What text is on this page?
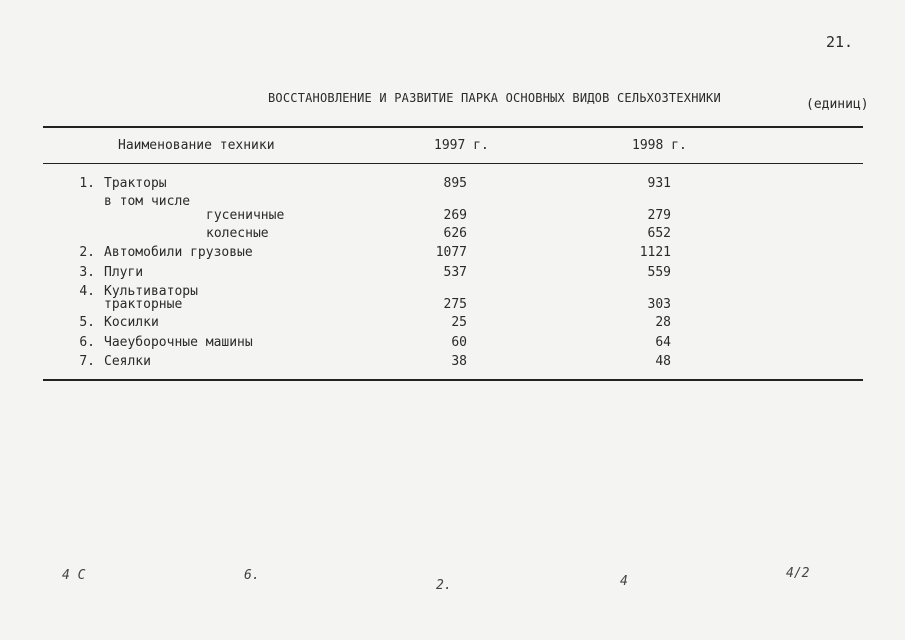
21.
ВОССТАНОВЛЕНИЕ И РАЗВИТИЕ ПАРКА ОСНОВНЫХ ВИДОВ СЕЛЬХОЗТЕХНИКИ	(единиц)
Наименование техники	1997 г.	1998 г.
1. Тракторы	895	931
в том числе
гусеничные	269	279
колесные	626	652
2. Автомобили грузовые	1077	1121
3. Плуги	537	559
4. Культиваторы
тракторные	275	303
5. Косилки	25	28
6. Чаеуборочные машины	60	64
7. Сеялки	38	48
4 C	6.
2.	4
4/2
